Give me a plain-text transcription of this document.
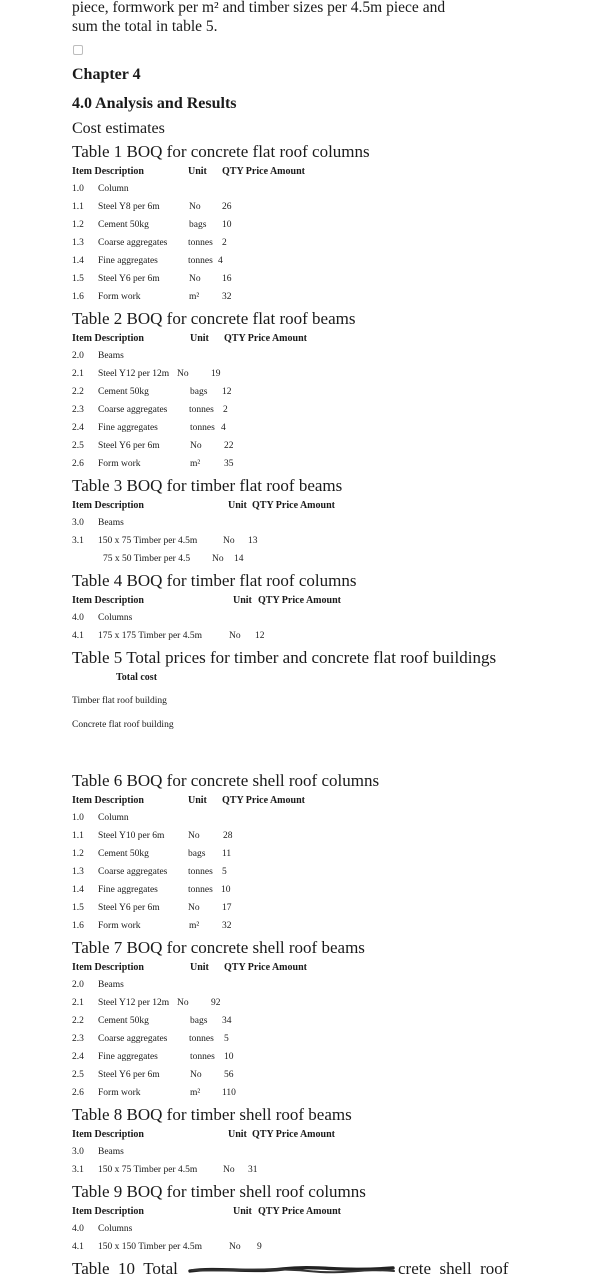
piece, formwork per m² and timber sizes per 4.5m piece and
sum the total in table 5.
Chapter 4
4.0 Analysis and Results
Cost estimates
Table 1 BOQ for concrete flat roof columns
Item Description	Unit QTY Price Amount
1.0 Column
1.1 Steel Y8 per 6m	No 26
1.2 Cement 50kg	bags 10
1.3 Coarse aggregates tonnes 2
1.4 Fine aggregates	tonnes 4
1.5 Steel Y6 per 6m	No 16
1.6 Form work	m² 32
Table 2 BOQ for concrete flat roof beams
Item Description	Unit QTY Price Amount
2.0 Beams
2.1 Steel Y12 per 12m No 19
2.2 Cement 50kg	bags 12
2.3 Coarse aggregates tonnes 2
2.4 Fine aggregates	tonnes 4
2.5 Steel Y6 per 6m	No 22
2.6 Form work	m²	35
Table 3 BOQ for timber flat roof beams
Item Description	Unit QTY Price Amount
3.0 Beams
3.1 150 x 75 Timber per 4.5m	No 13
75 x 50 Timber per 4.5 No 14
Table 4 BOQ for timber flat roof columns
Item Description	Unit QTY Price Amount
4.0 Columns
4.1 175 x 175 Timber per 4.5m	No 12
Table 5 Total prices for timber and concrete flat roof buildings
Total cost
Timber flat roof building
Concrete flat roof building
Table 6 BOQ for concrete shell roof columns
Item Description	Unit QTY Price Amount
1.0 Column
1.1 Steel Y10 per 6m No 28
1.2 Cement 50kg	bags 11
1.3 Coarse aggregates tonnes 5
1.4 Fine aggregates	tonnes 10
1.5 Steel Y6 per 6m	No 17
1.6 Form work	m² 32
Table 7 BOQ for concrete shell roof beams
Item Description	Unit QTY Price Amount
2.0 Beams
2.1 Steel Y12 per 12m No 92
2.2 Cement 50kg	bags 34
2.3 Coarse aggregates tonnes 5
2.4 Fine aggregates	tonnes 10
2.5 Steel Y6 per 6m	No 56
2.6 Form work	m² 110
Table 8 BOQ for timber shell roof beams
Item Description	Unit QTY Price Amount
3.0 Beams
3.1 150 x 75 Timber per 4.5m	No 31
Table 9 BOQ for timber shell roof columns
Item Description	Unit QTY Price Amount
4.0 Columns
4.1 150 x 150 Timber per 4.5m	No 9
Table  10  Total	crete  shell  roof
